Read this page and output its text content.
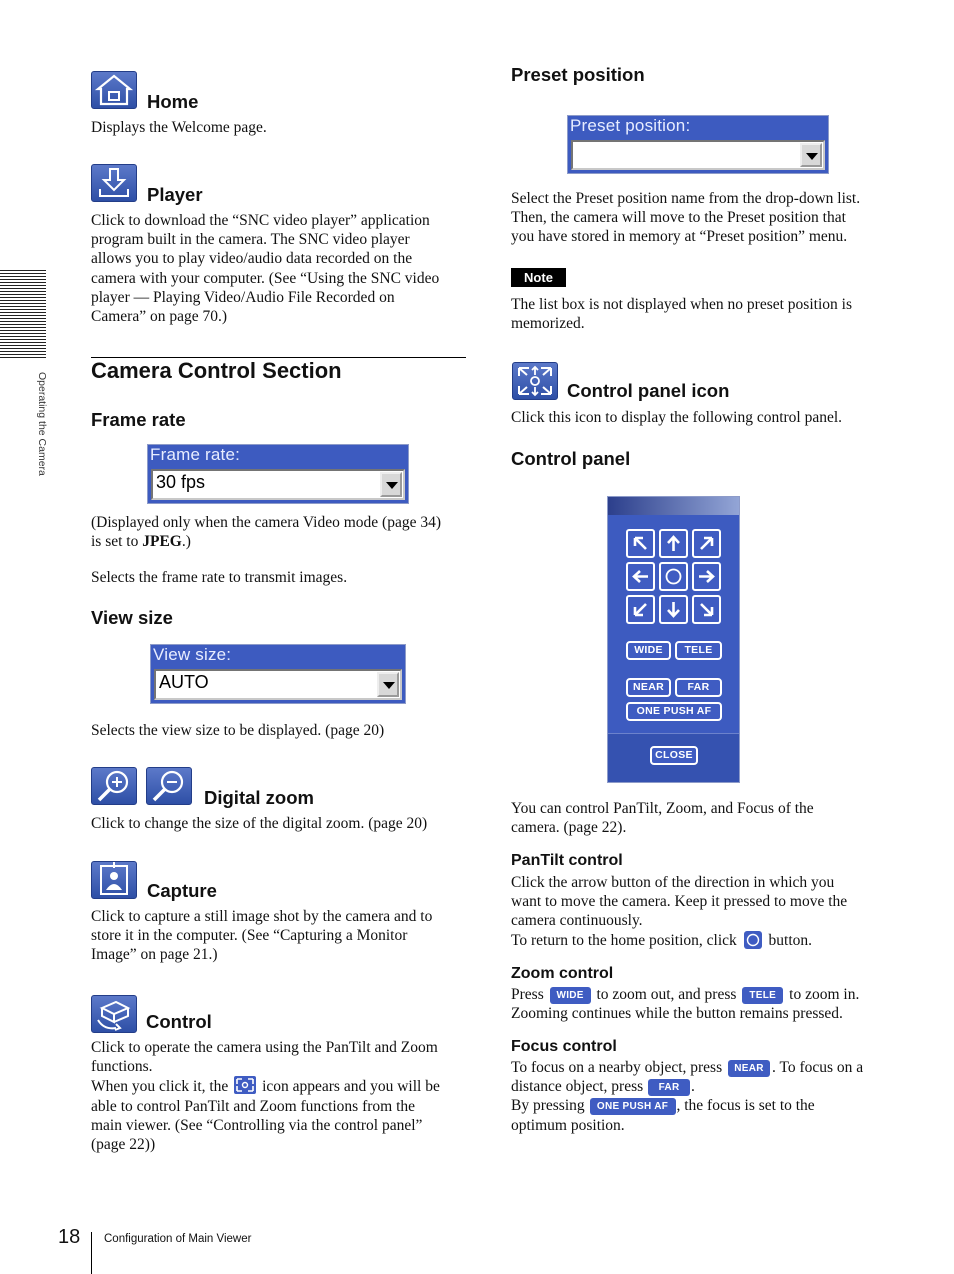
Operating the Camera
Home
Displays the Welcome page.
Player
Click to download the “SNC video player” application
program built in the camera. The SNC video player
allows you to play video/audio data recorded on the
camera with your computer. (See “Using the SNC video
player — Playing Video/Audio File Recorded on
Camera” on page 70.)
Camera Control Section
Frame rate
Frame rate:
30 fps
(Displayed only when the camera Video mode (page 34)
is set to JPEG.)
Selects the frame rate to transmit images.
View size
View size:
AUTO
Selects the view size to be displayed. (page 20)
Digital zoom
Click to change the size of the digital zoom. (page 20)
Capture
Click to capture a still image shot by the camera and to
store it in the computer. (See “Capturing a Monitor
Image” on page 21.)
Control
Click to operate the camera using the PanTilt and Zoom
functions.
When you click it, the icon appears and you will be
able to control PanTilt and Zoom functions from the
main viewer. (See “Controlling via the control panel”
(page 22))
Preset position
Preset position:
Select the Preset position name from the drop-down list.
Then, the camera will move to the Preset position that
you have stored in memory at “Preset position” menu.
Note
The list box is not displayed when no preset position is
memorized.
Control panel icon
Click this icon to display the following control panel.
Control panel
WIDE	TELE
NEAR	FAR
ONE PUSH AF
CLOSE
You can control PanTilt, Zoom, and Focus of the
camera. (page 22).
PanTilt control
Click the arrow button of the direction in which you
want to move the camera. Keep it pressed to move the
camera continuously.
To return to the home position, click button.
Zoom control
Press WIDE to zoom out, and press TELE to zoom in.
Zooming continues while the button remains pressed.
Focus control
To focus on a nearby object, press NEAR . To focus on a
distance object, press FAR .
By pressing ONE PUSH AF , the focus is set to the
optimum position.
18 Configuration of Main Viewer
